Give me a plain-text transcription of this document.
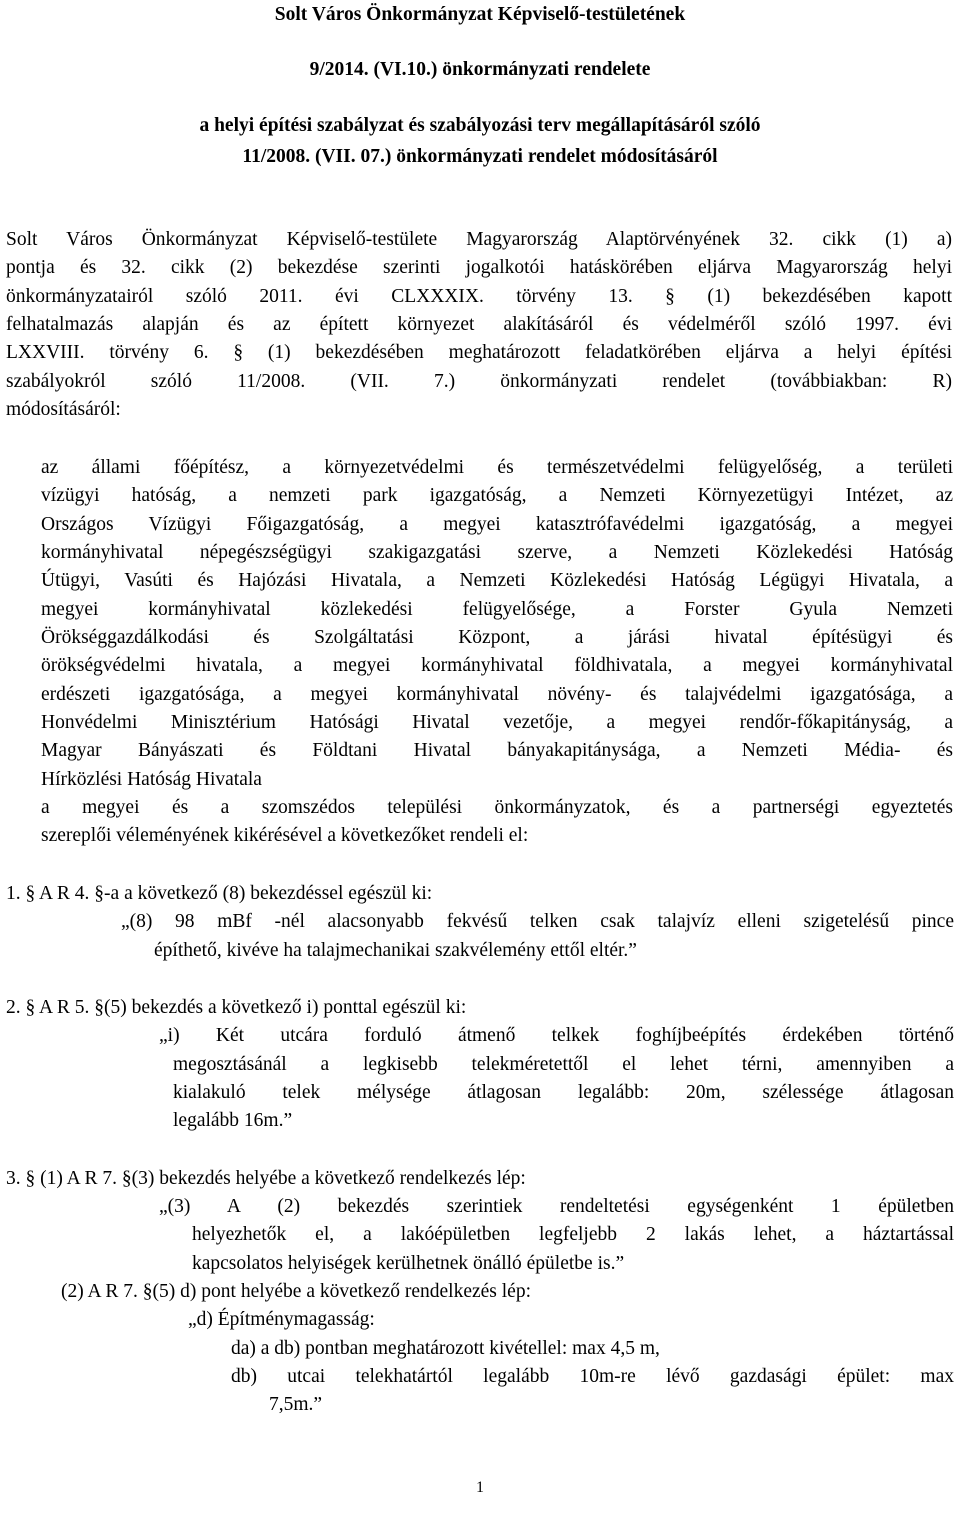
Solt Város Önkormányzat Képviselő-testületének
9/2014. (VI.10.) önkormányzati rendelete
a helyi építési szabályzat és szabályozási terv megállapításáról szóló
11/2008. (VII. 07.) önkormányzati rendelet módosításáról
Solt Város Önkormányzat Képviselő-testülete Magyarország Alaptörvényének 32. cikk (1) a)
pontja és 32. cikk (2) bekezdése szerinti jogalkotói hatáskörében eljárva Magyarország helyi
önkormányzatairól szóló 2011. évi CLXXXIX. törvény 13. § (1) bekezdésében kapott
felhatalmazás alapján és az épített környezet alakításáról és védelméről szóló 1997. évi
LXXVIII. törvény 6. § (1) bekezdésében meghatározott feladatkörében eljárva a helyi építési
szabályokról szóló 11/2008. (VII. 7.) önkormányzati rendelet (továbbiakban: R)
módosításáról:
az állami főépítész, a környezetvédelmi és természetvédelmi felügyelőség, a területi
vízügyi hatóság, a nemzeti park igazgatóság, a Nemzeti Környezetügyi Intézet, az
Országos Vízügyi Főigazgatóság, a megyei katasztrófavédelmi igazgatóság, a megyei
kormányhivatal népegészségügyi szakigazgatási szerve, a Nemzeti Közlekedési Hatóság
Útügyi, Vasúti és Hajózási Hivatala, a Nemzeti Közlekedési Hatóság Légügyi Hivatala, a
megyei kormányhivatal közlekedési felügyelősége, a Forster Gyula Nemzeti
Örökséggazdálkodási és Szolgáltatási Központ, a járási hivatal építésügyi és
örökségvédelmi hivatala, a megyei kormányhivatal földhivatala, a megyei kormányhivatal
erdészeti igazgatósága, a megyei kormányhivatal növény- és talajvédelmi igazgatósága, a
Honvédelmi Minisztérium Hatósági Hivatal vezetője, a megyei rendőr-főkapitányság, a
Magyar Bányászati és Földtani Hivatal bányakapitánysága, a Nemzeti Média- és
Hírközlési Hatóság Hivatala
a megyei és a szomszédos települési önkormányzatok, és a partnerségi egyeztetés
szereplői véleményének kikérésével a következőket rendeli el:
1. § A R 4. §-a a következő (8) bekezdéssel egészül ki:
„(8) 98 mBf -nél alacsonyabb fekvésű telken csak talajvíz elleni szigetelésű pince
építhető, kivéve ha talajmechanikai szakvélemény ettől eltér.”
2. § A R 5. §(5) bekezdés a következő i) ponttal egészül ki:
„i) Két utcára forduló átmenő telkek foghíjbeépítés érdekében történő
megosztásánál a legkisebb telekméretettől el lehet térni, amennyiben a
kialakuló telek mélysége átlagosan legalább: 20m, szélessége átlagosan
legalább 16m.”
3. § (1) A R 7. §(3) bekezdés helyébe a következő rendelkezés lép:
„(3) A (2) bekezdés szerintiek rendeltetési egységenként 1 épületben
helyezhetők el, a lakóépületben legfeljebb 2 lakás lehet, a háztartással
kapcsolatos helyiségek kerülhetnek önálló épületbe is.”
(2) A R 7. §(5) d) pont helyébe a következő rendelkezés lép:
„d) Építménymagasság:
da) a db) pontban meghatározott kivétellel: max 4,5 m,
db) utcai telekhatártól legalább 10m-re lévő gazdasági épület: max
7,5m.”
1
